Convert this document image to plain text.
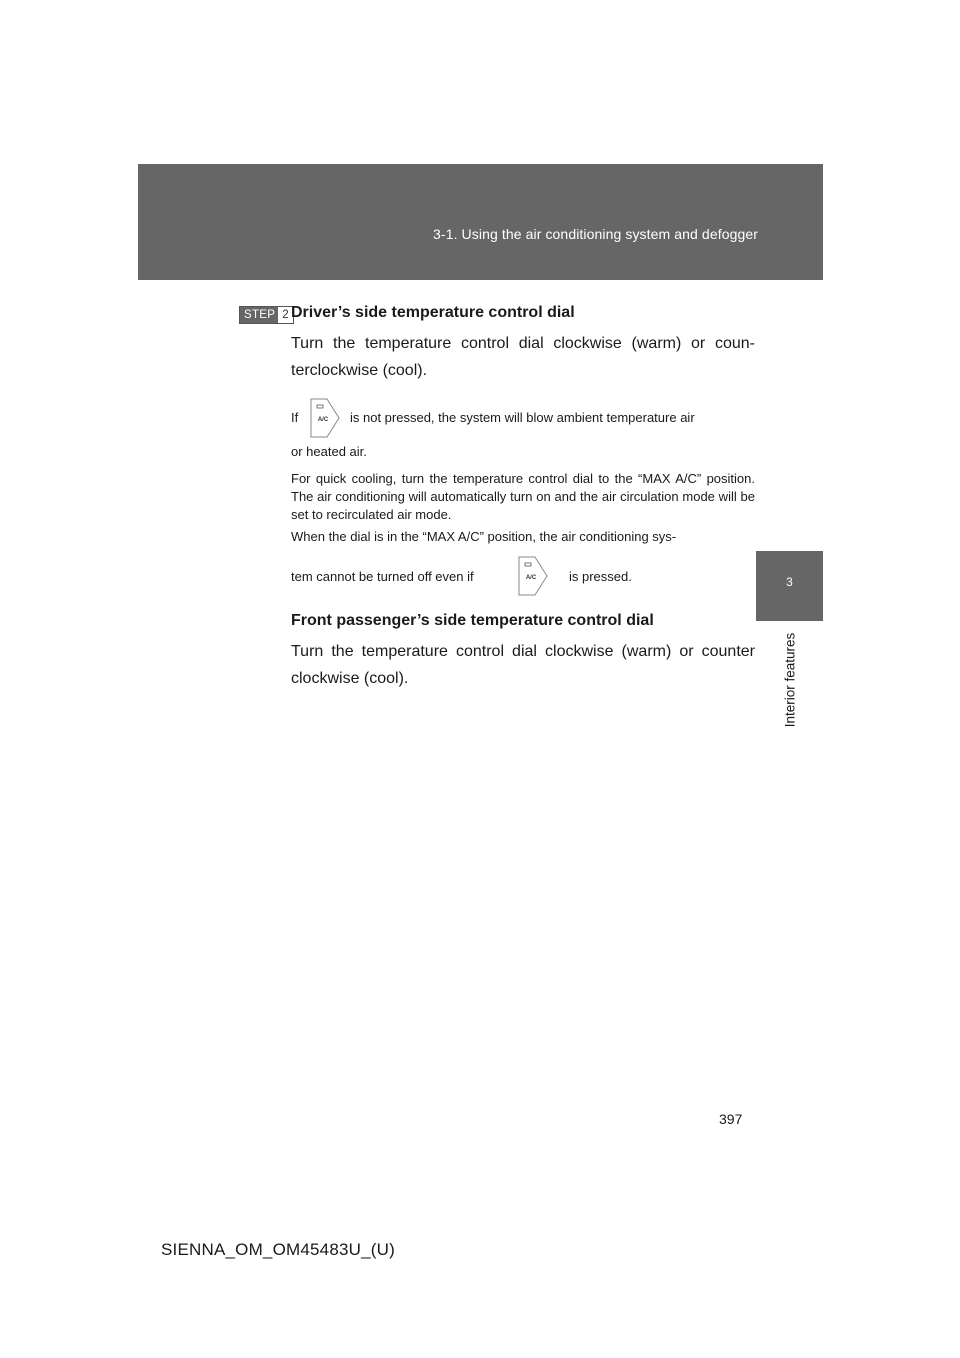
3-1. Using the air conditioning system and defogger
3
Interior features
STEP 2 Driver’s side temperature control dial
Turn the temperature control dial clockwise (warm) or coun-terclockwise (cool).
If	A/C is not pressed, the system will blow ambient temperature air
or heated air.
For quick cooling, turn the temperature control dial to the “MAX A/C” position. The air conditioning will automatically turn on and the air circulation mode will be set to recirculated air mode.
When the dial is in the “MAX A/C” position, the air conditioning sys-
tem cannot be turned off even if	A/C	is pressed.
Front passenger’s side temperature control dial
Turn the temperature control dial clockwise (warm) or counter clockwise (cool).
397
SIENNA_OM_OM45483U_(U)
